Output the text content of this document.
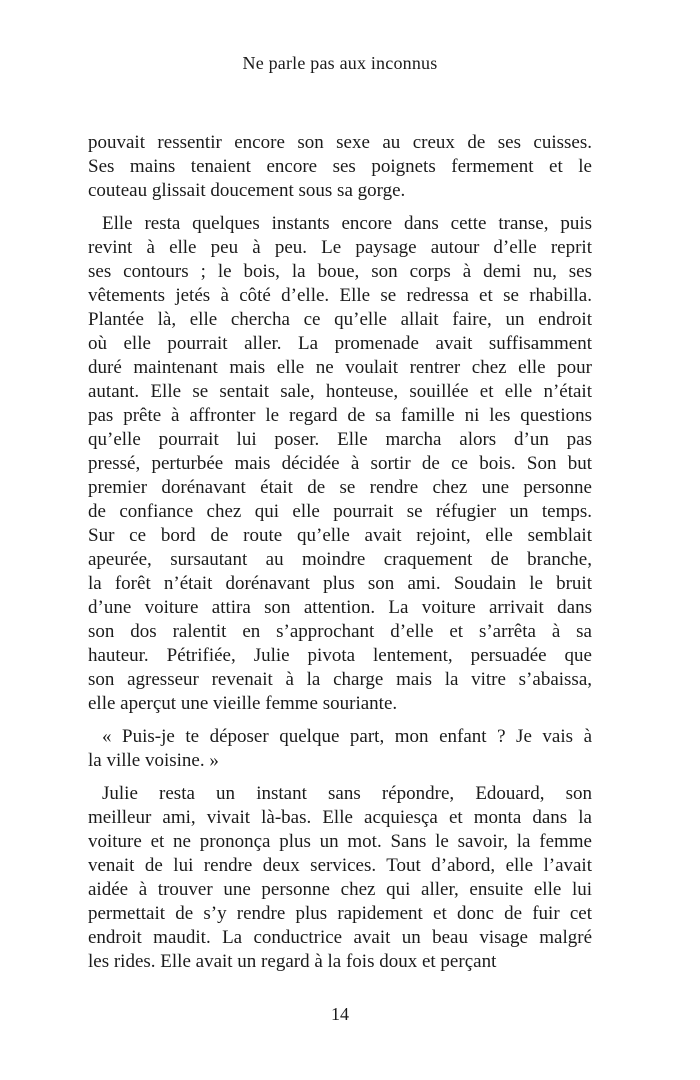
Ne parle pas aux inconnus

pouvait ressentir encore son sexe au creux de ses cuisses.
Ses mains tenaient encore ses poignets fermement et le
couteau glissait doucement sous sa gorge.

Elle resta quelques instants encore dans cette transe, puis
revint à elle peu à peu. Le paysage autour d’elle reprit
ses contours ; le bois, la boue, son corps à demi nu, ses
vêtements jetés à côté d’elle. Elle se redressa et se rhabilla.
Plantée là, elle chercha ce qu’elle allait faire, un endroit
où elle pourrait aller. La promenade avait suffisamment
duré maintenant mais elle ne voulait rentrer chez elle pour
autant. Elle se sentait sale, honteuse, souillée et elle n’était
pas prête à affronter le regard de sa famille ni les questions
qu’elle pourrait lui poser. Elle marcha alors d’un pas
pressé, perturbée mais décidée à sortir de ce bois. Son but
premier dorénavant était de se rendre chez une personne
de confiance chez qui elle pourrait se réfugier un temps.
Sur ce bord de route qu’elle avait rejoint, elle semblait
apeurée, sursautant au moindre craquement de branche,
la forêt n’était dorénavant plus son ami. Soudain le bruit
d’une voiture attira son attention. La voiture arrivait dans
son dos ralentit en s’approchant d’elle et s’arrêta à sa
hauteur. Pétrifiée, Julie pivota lentement, persuadée que
son agresseur revenait à la charge mais la vitre s’abaissa,
elle aperçut une vieille femme souriante.

« Puis-je te déposer quelque part, mon enfant ? Je vais à
la ville voisine. »

Julie resta un instant sans répondre, Edouard, son
meilleur ami, vivait là-bas. Elle acquiesça et monta dans la
voiture et ne prononça plus un mot. Sans le savoir, la femme
venait de lui rendre deux services. Tout d’abord, elle l’avait
aidée à trouver une personne chez qui aller, ensuite elle lui
permettait de s’y rendre plus rapidement et donc de fuir cet
endroit maudit. La conductrice avait un beau visage malgré
les rides. Elle avait un regard à la fois doux et perçant

14
